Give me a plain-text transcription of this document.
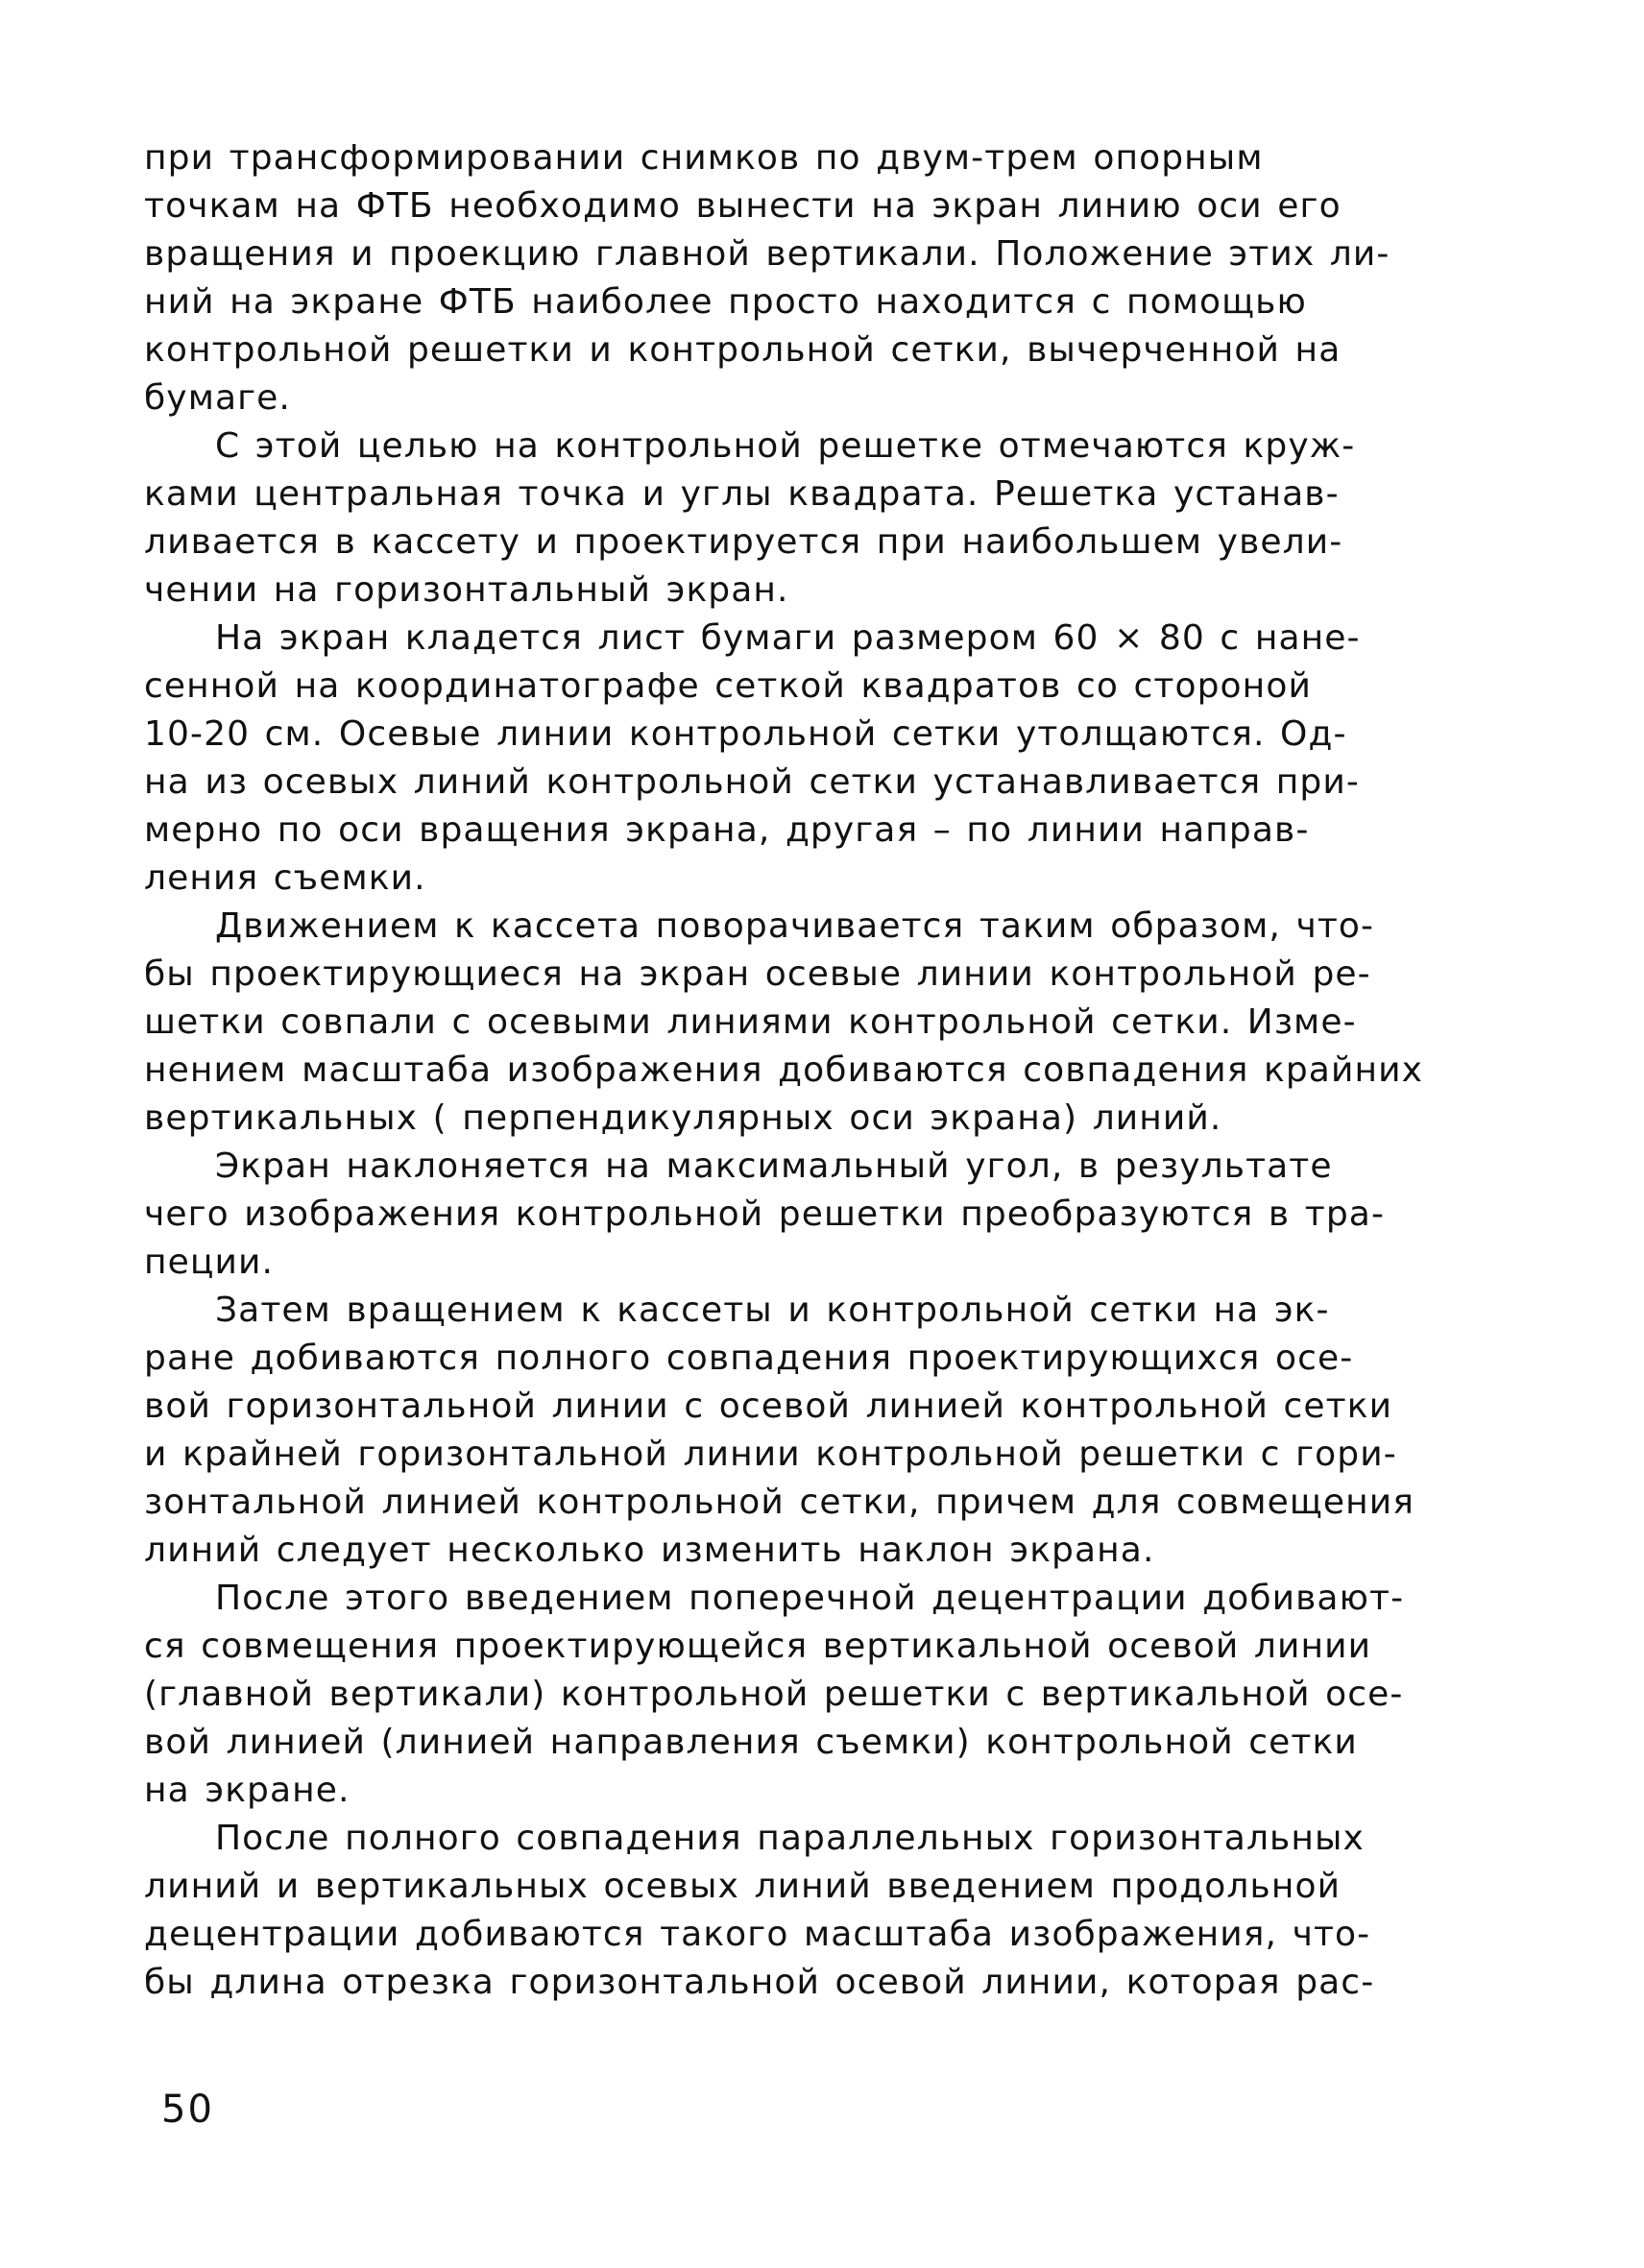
при трансформировании снимков по двум-трем опорным
точкам на ФТБ необходимо вынести на экран линию оси его
вращения и проекцию главной вертикали. Положение этих ли-
ний на экране ФТБ наиболее просто находится с помощью
контрольной решетки и контрольной сетки, вычерченной на
бумаге.
С этой целью на контрольной решетке отмечаются круж-
ками центральная точка и углы квадрата. Решетка устанав-
ливается в кассету и проектируется при наибольшем увели-
чении на горизонтальный экран.
На экран кладется лист бумаги размером 60 × 80 с нане-
сенной на координатографе сеткой квадратов со стороной
10-20 см. Осевые линии контрольной сетки утолщаются. Од-
на из осевых линий контрольной сетки устанавливается при-
мерно по оси вращения экрана, другая – по линии направ-
ления съемки.
Движением κ кассета поворачивается таким образом, что-
бы проектирующиеся на экран осевые линии контрольной ре-
шетки совпали с осевыми линиями контрольной сетки. Изме-
нением масштаба изображения добиваются совпадения крайних
вертикальных ( перпендикулярных оси экрана) линий.
Экран наклоняется на максимальный угол, в результате
чего изображения контрольной решетки преобразуются в тра-
пеции.
Затем вращением κ кассеты и контрольной сетки на эк-
ране добиваются полного совпадения проектирующихся осе-
вой горизонтальной линии с осевой линией контрольной сетки
и крайней горизонтальной линии контрольной решетки с гори-
зонтальной линией контрольной сетки, причем для совмещения
линий следует несколько изменить наклон экрана.
После этого введением поперечной децентрации добивают-
ся совмещения проектирующейся вертикальной осевой линии
(главной вертикали) контрольной решетки с вертикальной осе-
вой линией (линией направления съемки) контрольной сетки
на экране.
После полного совпадения параллельных горизонтальных
линий и вертикальных осевых линий введением продольной
децентрации добиваются такого масштаба изображения, что-
бы длина отрезка горизонтальной осевой линии, которая рас-
50
